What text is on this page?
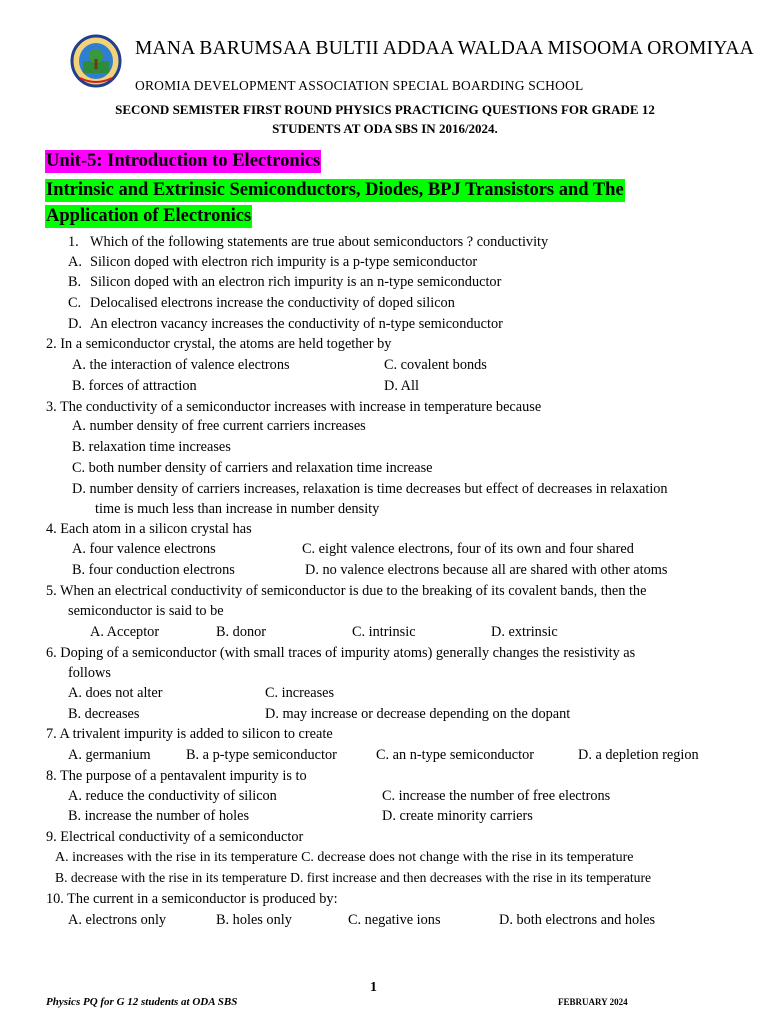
MANA BARUMSAA BULTII ADDAA WALDAA MISOOMA OROMIYAA
OROMIA DEVELOPMENT ASSOCIATION SPECIAL BOARDING SCHOOL
SECOND SEMISTER FIRST ROUND PHYSICS PRACTICING QUESTIONS FOR GRADE 12
STUDENTS AT ODA SBS IN 2016/2024.
Unit-5: Introduction to Electronics
Intrinsic and Extrinsic Semiconductors, Diodes, BPJ Transistors and The
Application of Electronics
1. Which of the following statements are true about semiconductors ? conductivity
A. Silicon doped with electron rich impurity is a p-type semiconductor
B. Silicon doped with an electron rich impurity is an n-type semiconductor
C. Delocalised electrons increase the conductivity of doped silicon
D. An electron vacancy increases the conductivity of n-type semiconductor
2. In a semiconductor crystal, the atoms are held together by
A. the interaction of valence electrons	C. covalent bonds
B. forces of attraction	D. All
3. The conductivity of a semiconductor increases with increase in temperature because
A. number density of free current carriers increases
B. relaxation time increases
C. both number density of carriers and relaxation time increase
D. number density of carriers increases, relaxation is time decreases but effect of decreases in relaxation
time is much less than increase in number density
4. Each atom in a silicon crystal has
A. four valence electrons	C. eight valence electrons, four of its own and four shared
B. four conduction electrons	D. no valence electrons because all are shared with other atoms
5. When an electrical conductivity of semiconductor is due to the breaking of its covalent bands, then the
semiconductor is said to be
A. Acceptor	B. donor	C. intrinsic	D. extrinsic
6. Doping of a semiconductor (with small traces of impurity atoms) generally changes the resistivity as
follows
A. does not alter	C. increases
B. decreases	D. may increase or decrease depending on the dopant
7. A trivalent impurity is added to silicon to create
A. germanium B. a p-type semiconductor	C. an n-type semiconductor	D. a depletion region
8. The purpose of a pentavalent impurity is to
A. reduce the conductivity of silicon	C. increase the number of free electrons
B. increase the number of holes	D. create minority carriers
9. Electrical conductivity of a semiconductor
A. increases with the rise in its temperature C. decrease does not change with the rise in its temperature
B. decrease with the rise in its temperature D. first increase and then decreases with the rise in its temperature
10. The current in a semiconductor is produced by:
A. electrons only	B. holes only	C. negative ions	D. both electrons and holes
Physics PQ for G 12 students at ODA SBS
1
FEBRUARY 2024
